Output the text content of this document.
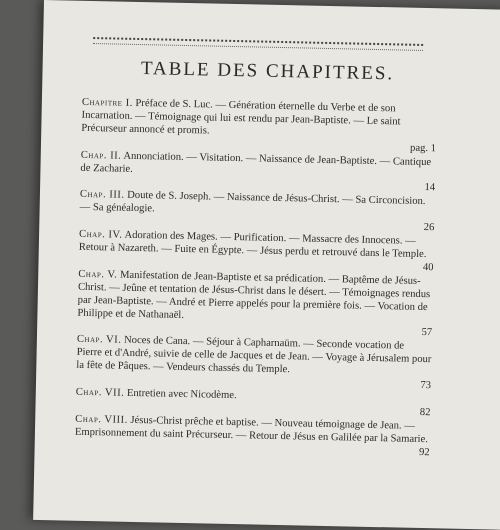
TABLE DES CHAPITRES.
Chapitre I. Préface de S. Luc. — Génération éternelle du Verbe et de son Incarnation. — Témoignage qui lui est rendu par Jean-Baptiste. — Le saint Précurseur annoncé et promis.
pag. 1
Chap. II. Annonciation. — Visitation. — Naissance de Jean-Baptiste. — Cantique de Zacharie.
14
Chap. III. Doute de S. Joseph. — Naissance de Jésus-Christ. — Sa Circoncision. — Sa généalogie.
26
Chap. IV. Adoration des Mages. — Purification. — Massacre des Innocens. — Retour à Nazareth. — Fuite en Égypte. — Jésus perdu et retrouvé dans le Temple.
40
Chap. V. Manifestation de Jean-Baptiste et sa prédication. — Baptême de Jésus-Christ. — Jeûne et tentation de Jésus-Christ dans le désert. — Témoignages rendus par Jean-Baptiste. — André et Pierre appelés pour la première fois. — Vocation de Philippe et de Nathanaël.
57
Chap. VI. Noces de Cana. — Séjour à Capharnaüm. — Seconde vocation de Pierre et d'André, suivie de celle de Jacques et de Jean. — Voyage à Jérusalem pour la fête de Pâques. — Vendeurs chassés du Temple.
73
Chap. VII. Entretien avec Nicodème.
82
Chap. VIII. Jésus-Christ prêche et baptise. — Nouveau témoignage de Jean. — Emprisonnement du saint Précurseur. — Retour de Jésus en Galilée par la Samarie.
92
